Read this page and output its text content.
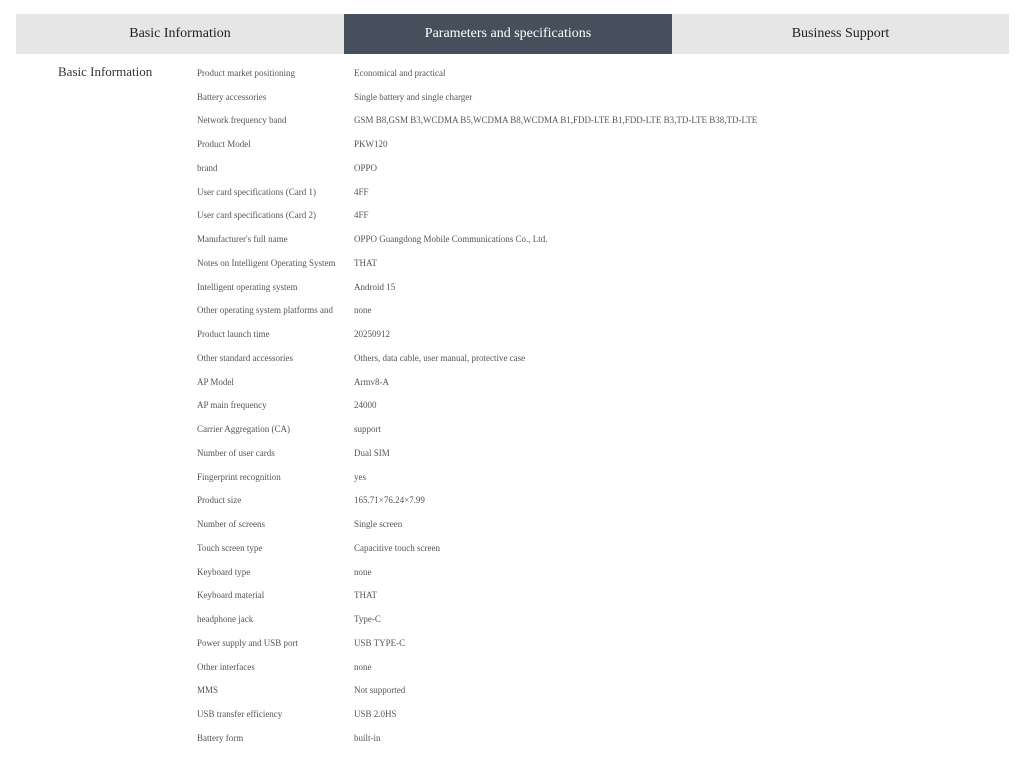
Basic Information	Parameters and specifications	Business Support
Basic Information	Product market positioning	Economical and practical
Battery accessories	Single battery and single charger
Network frequency band	GSM B8,GSM B3,WCDMA B5,WCDMA B8,WCDMA B1,FDD-LTE B1,FDD-LTE B3,TD-LTE B38,TD-LTE
Product Model	PKW120
brand	OPPO
User card specifications (Card 1)	4FF
User card specifications (Card 2)	4FF
Manufacturer's full name	OPPO Guangdong Mobile Communications Co., Ltd.
Notes on Intelligent Operating System	THAT
Intelligent operating system	Android 15
Other operating system platforms and	none
Product launch time	20250912
Other standard accessories	Others, data cable, user manual, protective case
AP Model	Armv8-A
AP main frequency	24000
Carrier Aggregation (CA)	support
Number of user cards	Dual SIM
Fingerprint recognition	yes
Product size	165.71×76.24×7.99
Number of screens	Single screen
Touch screen type	Capacitive touch screen
Keyboard type	none
Keyboard material	THAT
headphone jack	Type-C
Power supply and USB port	USB TYPE-C
Other interfaces	none
MMS	Not supported
USB transfer efficiency	USB 2.0HS
Battery form	built-in
